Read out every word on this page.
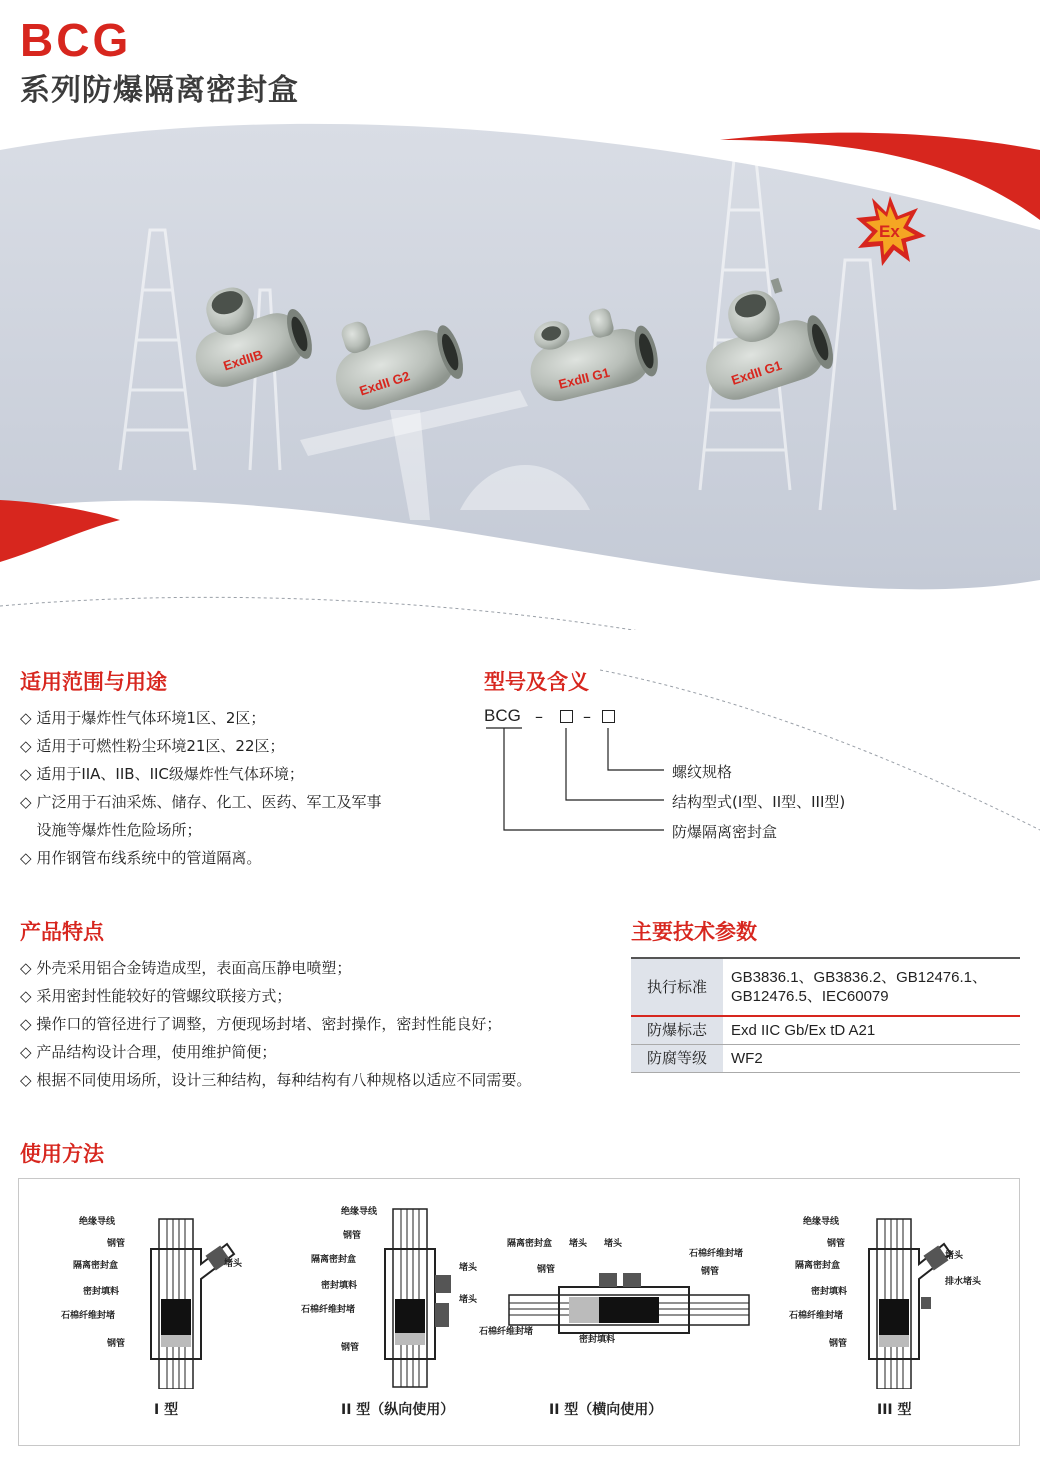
BCG
系列防爆隔离密封盒
Ex
ExdIIB
ExdII G2	ExdII G1	ExdII G1
适用范围与用途
◇ 适用于爆炸性气体环境1区、2区；
◇ 适用于可燃性粉尘环境21区、22区；
◇ 适用于IIA、IIB、IIC级爆炸性气体环境；
◇ 广泛用于石油采炼、储存、化工、医药、军工及军事
设施等爆炸性危险场所；
◇ 用作钢管布线系统中的管道隔离。
型号及含义
BCG –	–
螺纹规格
结构型式(I型、II型、III型)
防爆隔离密封盒
产品特点
◇ 外壳采用铝合金铸造成型，表面高压静电喷塑；
◇ 采用密封性能较好的管螺纹联接方式；
◇ 操作口的管径进行了调整，方便现场封堵、密封操作，密封性能良好；
◇ 产品结构设计合理，使用维护简便；
◇ 根据不同使用场所，设计三种结构，每种结构有八种规格以适应不同需要。
主要技术参数
执行标准	GB3836.1、GB3836.2、GB12476.1、GB12476.5、IEC60079
防爆标志	Exd IIC Gb/Ex tD A21
防腐等级	WF2
使用方法
绝缘导线
钢管
隔离密封盒
密封填料
石棉纤维封堵
钢管
堵头
I 型
绝缘导线
钢管
隔离密封盒
密封填料
石棉纤维封堵
钢管
堵头
堵头
II 型（纵向使用）
隔离密封盒 堵头 堵头
石棉纤维封堵
钢管	钢管
石棉纤维封堵
密封填料
II 型（横向使用）
绝缘导线
钢管
隔离密封盒
密封填料
石棉纤维封堵
钢管
堵头
排水堵头
III 型
